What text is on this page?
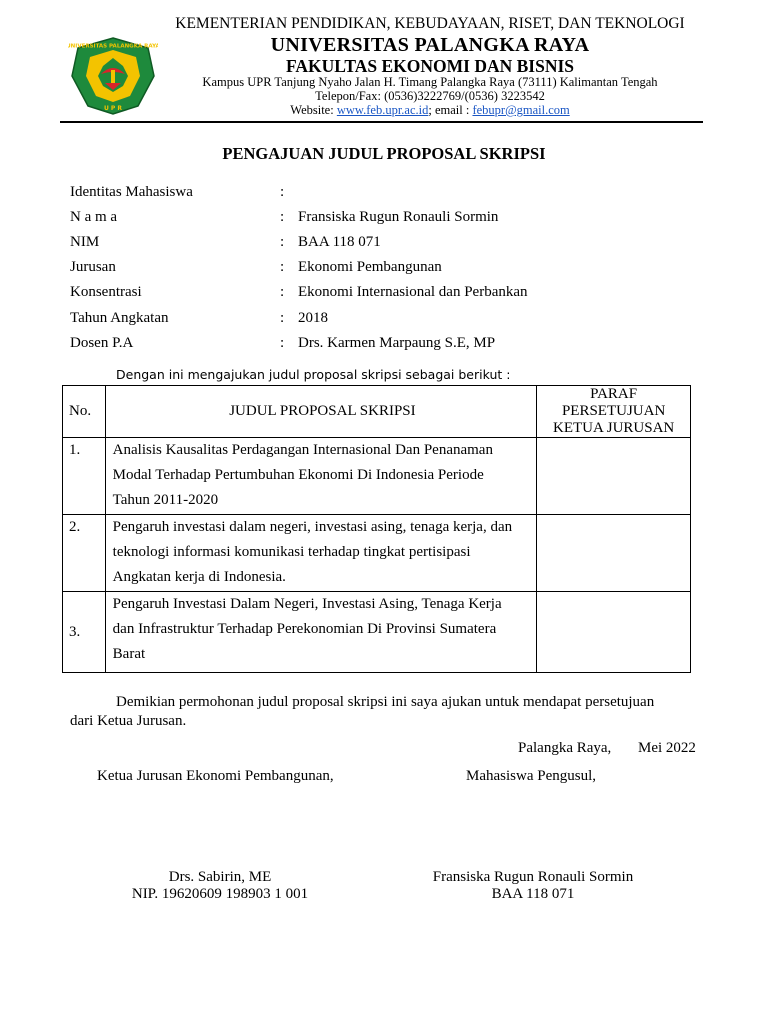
UNIVERSITAS PALANGKA RAYA
U P R
KEMENTERIAN PENDIDIKAN, KEBUDAYAAN, RISET, DAN TEKNOLOGI
UNIVERSITAS PALANGKA RAYA
FAKULTAS EKONOMI DAN BISNIS
Kampus UPR Tanjung Nyaho Jalan H. Timang Palangka Raya (73111) Kalimantan Tengah
Telepon/Fax: (0536)3222769/(0536) 3223542
Website: www.feb.upr.ac.id; email : febupr@gmail.com
PENGAJUAN JUDUL PROPOSAL SKRIPSI
Identitas Mahasiswa	:
N a m a	: Fransiska Rugun Ronauli Sormin
NIM	: BAA 118 071
Jurusan	: Ekonomi Pembangunan
Konsentrasi	: Ekonomi Internasional dan Perbankan
Tahun Angkatan	: 2018
Dosen P.A	: Drs. Karmen Marpaung S.E, MP
Dengan ini mengajukan judul proposal skripsi sebagai berikut :
No.	JUDUL PROPOSAL SKRIPSI	PARAF
PERSETUJUAN
KETUA JURUSAN

1.	Analisis Kausalitas Perdagangan Internasional Dan Penanaman
Modal Terhadap Pertumbuhan Ekonomi Di Indonesia Periode
Tahun 2011-2020	

2.	Pengaruh investasi dalam negeri, investasi asing, tenaga kerja, dan
teknologi informasi komunikasi terhadap tingkat pertisipasi
Angkatan kerja di Indonesia.	

3.	Pengaruh Investasi Dalam Negeri, Investasi Asing, Tenaga Kerja
dan Infrastruktur Terhadap Perekonomian Di Provinsi Sumatera
Barat	

Demikian permohonan judul proposal skripsi ini saya ajukan untuk mendapat persetujuan
dari Ketua Jurusan.
Palangka Raya, Mei 2022
Ketua Jurusan Ekonomi Pembangunan,	Mahasiswa Pengusul,
Drs. Sabirin, ME
NIP. 19620609 198903 1 001
Fransiska Rugun Ronauli Sormin
BAA 118 071
